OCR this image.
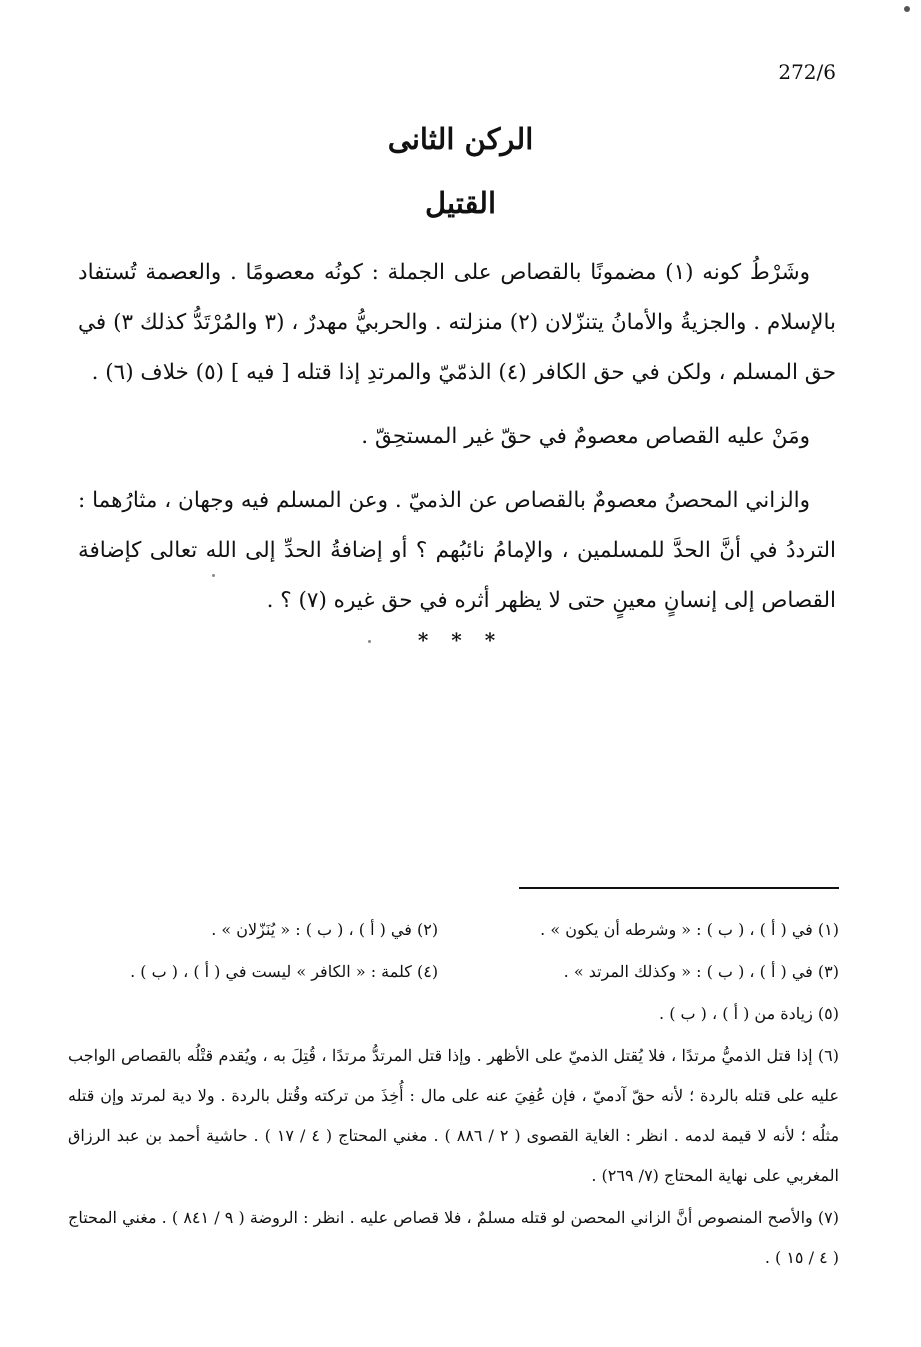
272/6
الركن الثانى
القتيل

وشَرْطُ كونه (١) مضمونًا بالقصاص على الجملة : كونُه معصومًا . والعصمة تُستفاد بالإسلام . والجزيةُ والأمانُ يتنزّلان (٢) منزلته . والحربيُّ مهدرٌ ، (٣ والمُرْتَدُّ كذلك ٣) في حق المسلم ، ولكن في حق الكافر (٤) الذمّيّ والمرتدِ إذا قتله [ فيه ] (٥) خلاف (٦) .

ومَنْ عليه القصاص معصومٌ في حقّ غير المستحِقّ .

والزاني المحصنُ معصومٌ بالقصاص عن الذميّ . وعن المسلم فيه وجهان ، مثارُهما : الترددُ في أنَّ الحدَّ للمسلمين ، والإمامُ نائبُهم ؟ أو إضافةُ الحدِّ إلى الله تعالى كإضافة القصاص إلى إنسانٍ معينٍ حتى لا يظهر أثره في حق غيره (٧) ؟ .

* * *
(١) في ( أ ) ، ( ب ) : « وشرطه أن يكون » .
(٢) في ( أ ) ، ( ب ) : « يُنَزّلان » .
(٣) في ( أ ) ، ( ب ) : « وكذلك المرتد » .
(٤) كلمة : « الكافر » ليست في ( أ ) ، ( ب ) .
(٥) زيادة من ( أ ) ، ( ب ) .
(٦) إذا قتل الذميُّ مرتدًا ، فلا يُقتل الذميّ على الأظهر . وإذا قتل المرتدُّ مرتدًا ، قُتِلَ به ، ويُقدم قتْلُه بالقصاص الواجب عليه على قتله بالردة ؛ لأنه حقّ آدميّ ، فإن عُفِيَ عنه على مال : أُخِذَ من تركته وقُتل بالردة . ولا دية لمرتد وإن قتله مثلُه ؛ لأنه لا قيمة لدمه . انظر : الغاية القصوى ( ٢ / ٨٨٦ ) . مغني المحتاج ( ٤ / ١٧ ) . حاشية أحمد بن عبد الرزاق المغربي على نهاية المحتاج (٧/ ٢٦٩) .
(٧) والأصح المنصوص أنَّ الزاني المحصن لو قتله مسلمٌ ، فلا قصاص عليه . انظر : الروضة ( ٩ / ٨٤١ ) . مغني المحتاج ( ٤ / ١٥ ) .
